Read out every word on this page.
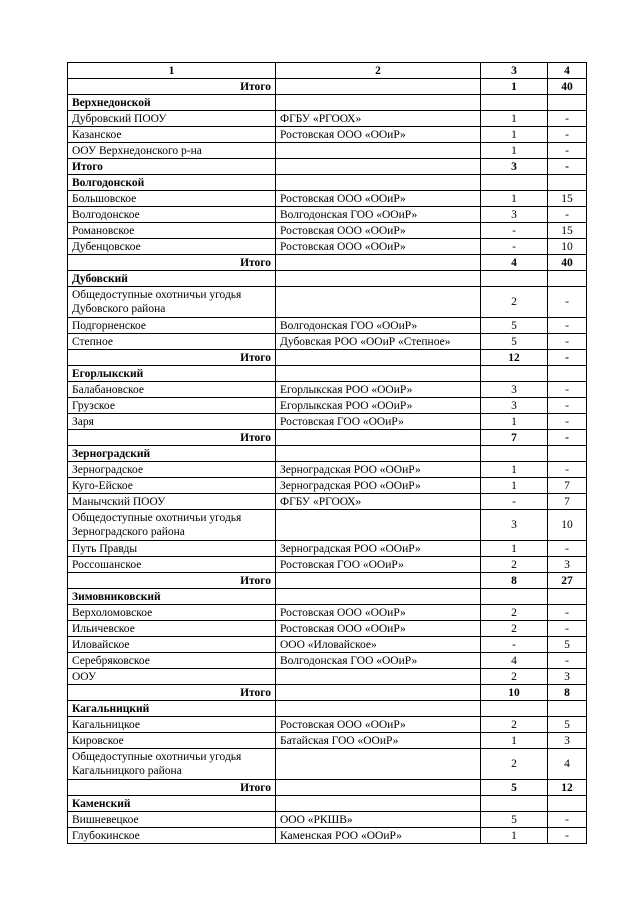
1	2	3	4
Итого		1	40
Верхнедонской			
Дубровский ПООУ	ФГБУ «РГООХ»	1	-
Казанское	Ростовская ООО «ООиР»	1	-
ООУ Верхнедонского р-на		1	-
Итого		3	-
Волгодонской			
Большовское	Ростовская ООО «ООиР»	1	15
Волгодонское	Волгодонская ГОО «ООиР»	3	-
Романовское	Ростовская ООО «ООиР»	-	15
Дубенцовское	Ростовская ООО «ООиР»	-	10
Итого		4	40
Дубовский			
Общедоступные охотничьи угодья Дубовского района		2	-
Подгорненское	Волгодонская ГОО «ООиР»	5	-
Степное	Дубовская РОО «ООиР «Степное»	5	-
Итого		12	-
Егорлыкский			
Балабановское	Егорлыкская РОО «ООиР»	3	-
Грузское	Егорлыкская РОО «ООиР»	3	-
Заря	Ростовская ГОО «ООиР»	1	-
Итого		7	-
Зерноградский			
Зерноградское	Зерноградская РОО «ООиР»	1	-
Куго-Ейское	Зерноградская РОО «ООиР»	1	7
Манычский ПООУ	ФГБУ «РГООХ»	-	7
Общедоступные охотничьи угодья Зерноградского района		3	10
Путь Правды	Зерноградская РОО «ООиР»	1	-
Россошанское	Ростовская ГОО «ООиР»	2	3
Итого		8	27
Зимовниковский			
Верхоломовское	Ростовская ООО «ООиР»	2	-
Ильичевское	Ростовская ООО «ООиР»	2	-
Иловайское	ООО «Иловайское»	-	5
Серебряковское	Волгодонская ГОО «ООиР»	4	-
ООУ		2	3
Итого		10	8
Кагальницкий			
Кагальницкое	Ростовская ООО «ООиР»	2	5
Кировское	Батайская ГОО «ООиР»	1	3
Общедоступные охотничьи угодья Кагальницкого района		2	4
Итого		5	12
Каменский			
Вишневецкое	ООО «РКШВ»	5	-
Глубокинское	Каменская РОО «ООиР»	1	-
